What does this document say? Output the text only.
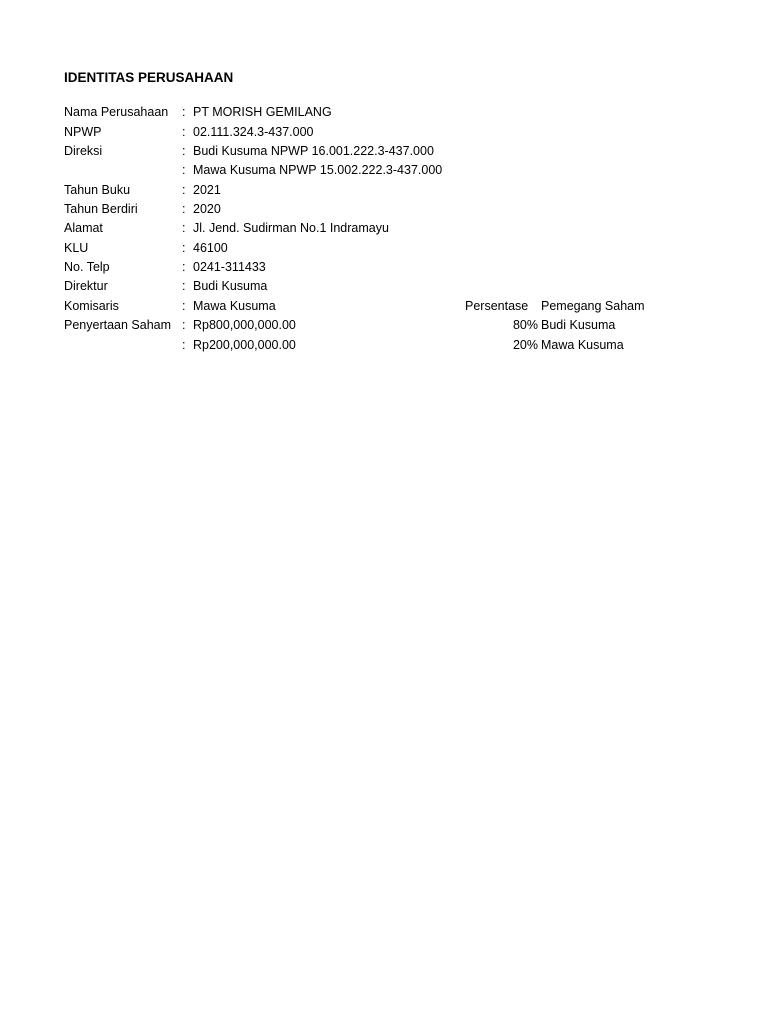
IDENTITAS PERUSAHAAN
Nama Perusahaan : PT MORISH GEMILANG
NPWP	: 02.111.324.3-437.000
Direksi	: Budi Kusuma NPWP 16.001.222.3-437.000
: Mawa Kusuma NPWP 15.002.222.3-437.000
Tahun Buku	: 2021
Tahun Berdiri	: 2020
Alamat	: Jl. Jend. Sudirman No.1 Indramayu
KLU	: 46100
No. Telp	: 0241-311433
Direktur	: Budi Kusuma
Komisaris	: Mawa Kusuma	Persentase Pemegang Saham
Penyertaan Saham : Rp800,000,000.00	80% Budi Kusuma
: Rp200,000,000.00	20% Mawa Kusuma
